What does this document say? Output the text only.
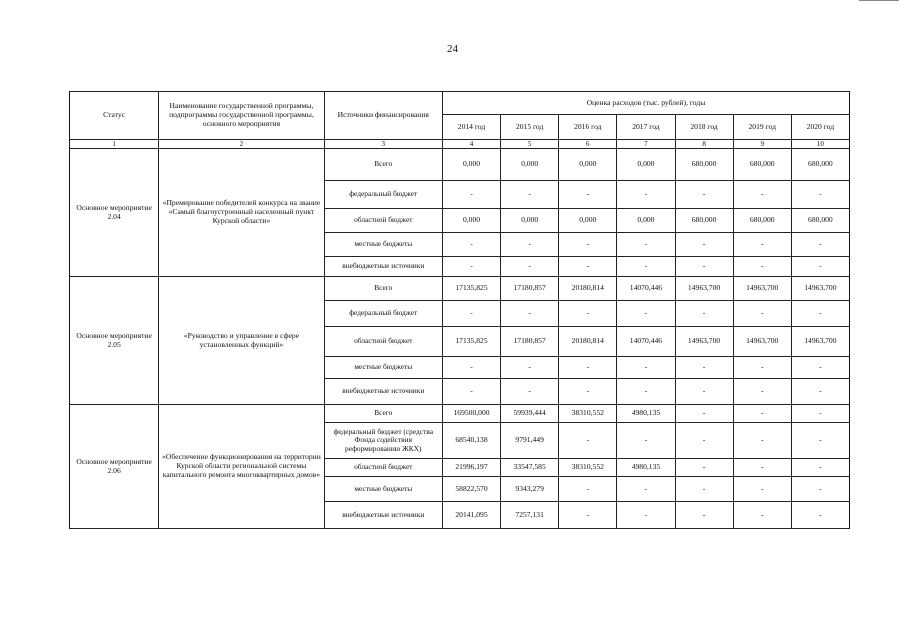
24
Статус	Наименование государственной программы, подпрограммы государственной программы, основного мероприятия	Источники финансирования	Оценка расходов (тыс. рублей), годы						
			2014 год	2015 год	2016 год	2017 год	2018 год	2019 год	2020 год
1	2	3	4	5	6	7	8	9	10
Основное мероприятие 2.04	«Премирование победителей конкурса на звание «Самый благоустроенный населенный пункт Курской области»	Всего	0,000	0,000	0,000	0,000	680,000	680,000	680,000
		федеральный бюджет	-	-	-	-	-	-	-
		областной бюджет	0,000	0,000	0,000	0,000	680,000	680,000	680,000
		местные бюджеты	-	-	-	-	-	-	-
		внебюджетные источники	-	-	-	-	-	-	-
Основное мероприятие 2.05	«Руководство и управление в сфере установленных функций»	Всего	17135,825	17180,857	20180,814	14070,446	14963,700	14963,700	14963,700
		федеральный бюджет	-	-	-	-	-	-	-
		областной бюджет	17135,825	17180,857	20180,814	14070,446	14963,700	14963,700	14963,700
		местные бюджеты	-	-	-	-	-	-	-
		внебюджетные источники	-	-	-	-	-	-	-
Основное мероприятие 2.06	«Обеспечение функционирования на территории Курской области региональной системы капитального ремонта многоквартирных домов»	Всего	169500,000	59939,444	38310,552	4980,135	-	-	-
		федеральный бюджет (средства Фонда содействия реформированию ЖКХ)	68540,138	9791,449	-	-	-	-	-
		областной бюджет	21996,197	33547,585	38310,552	4980,135	-	-	-
		местные бюджеты	58822,570	9343,279	-	-	-	-	-
		внебюджетные источники	20141,095	7257,131	-	-	-	-	-
